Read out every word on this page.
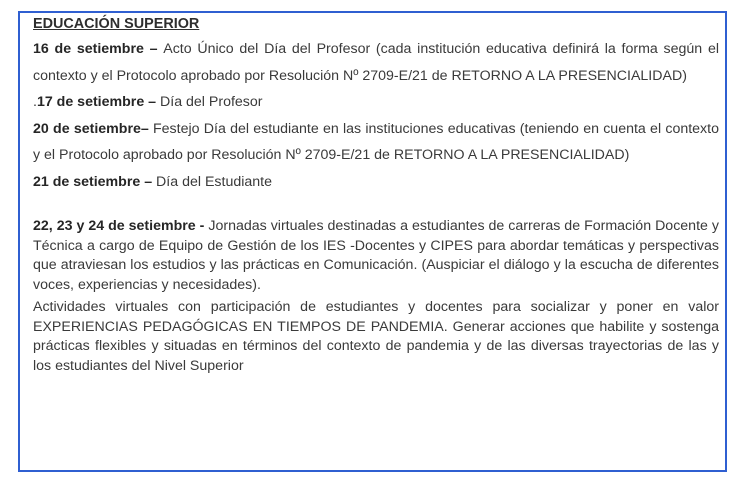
EDUCACIÓN SUPERIOR

16 de setiembre – Acto Único del Día del Profesor (cada institución educativa definirá la forma según el contexto y el Protocolo aprobado por Resolución Nº 2709-E/21 de RETORNO A LA PRESENCIALIDAD)

.17 de setiembre – Día del Profesor

20 de setiembre– Festejo Día del estudiante en las instituciones educativas (teniendo en cuenta el contexto y el Protocolo aprobado por Resolución Nº 2709-E/21 de RETORNO A LA PRESENCIALIDAD)

21 de setiembre – Día del Estudiante

22, 23 y 24 de setiembre - Jornadas virtuales destinadas a estudiantes de carreras de Formación Docente y Técnica a cargo de Equipo de Gestión de los IES -Docentes y CIPES para abordar temáticas y perspectivas que atraviesan los estudios y las prácticas en Comunicación. (Auspiciar el diálogo y la escucha de diferentes voces, experiencias y necesidades).

Actividades virtuales con participación de estudiantes y docentes para socializar y poner en valor EXPERIENCIAS PEDAGÓGICAS EN TIEMPOS DE PANDEMIA. Generar acciones que habilite y sostenga prácticas flexibles y situadas en términos del contexto de pandemia y de las diversas trayectorias de las y los estudiantes del Nivel Superior
